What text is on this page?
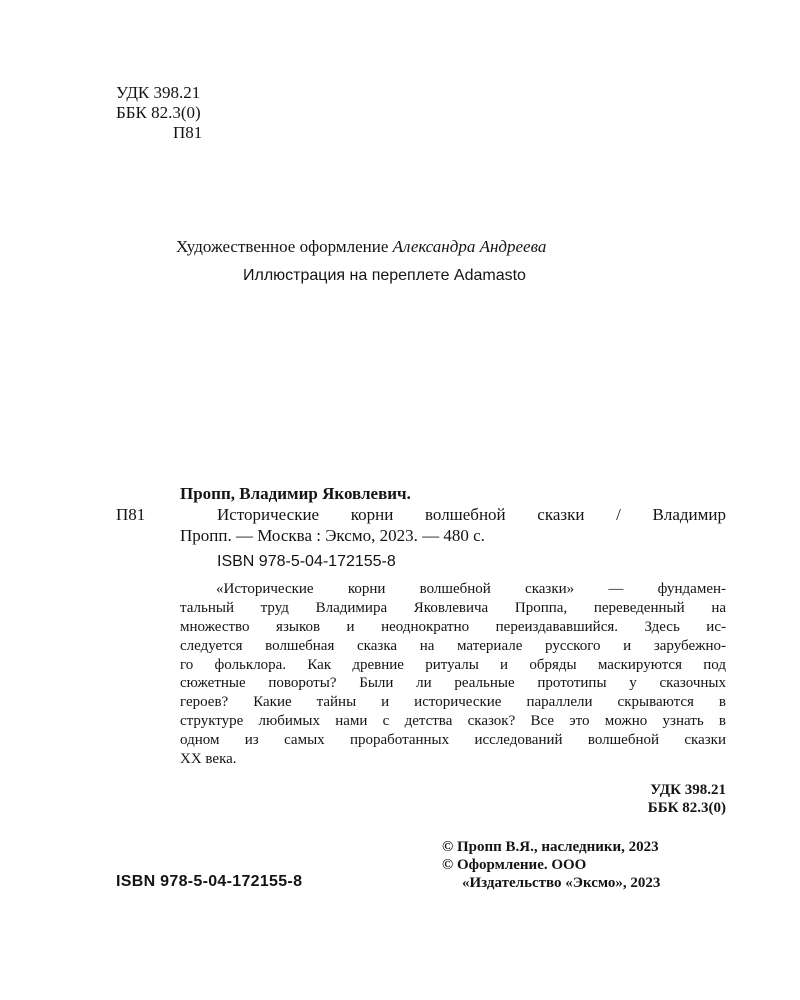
УДК 398.21
ББК 82.3(0)
П81
Художественное оформление Александра Андреева
Иллюстрация на переплете Adamasto
Пропп, Владимир Яковлевич.
П81	Исторические корни волшебной сказки / Владимир
Пропп. — Москва : Эксмо, 2023. — 480 с.
ISBN 978-5-04-172155-8
«Исторические корни волшебной сказки» — фундамен-
тальный труд Владимира Яковлевича Проппа, переведенный на
множество языков и неоднократно переиздававшийся. Здесь ис-
следуется волшебная сказка на материале русского и зарубежно-
го фольклора. Как древние ритуалы и обряды маскируются под
сюжетные повороты? Были ли реальные прототипы у сказочных
героев? Какие тайны и исторические параллели скрываются в
структуре любимых нами с детства сказок? Все это можно узнать в
одном из самых проработанных исследований волшебной сказки
XX века.
УДК 398.21
ББК 82.3(0)
© Пропп В.Я., наследники, 2023
© Оформление. ООО
«Издательство «Эксмо», 2023
ISBN 978-5-04-172155-8
